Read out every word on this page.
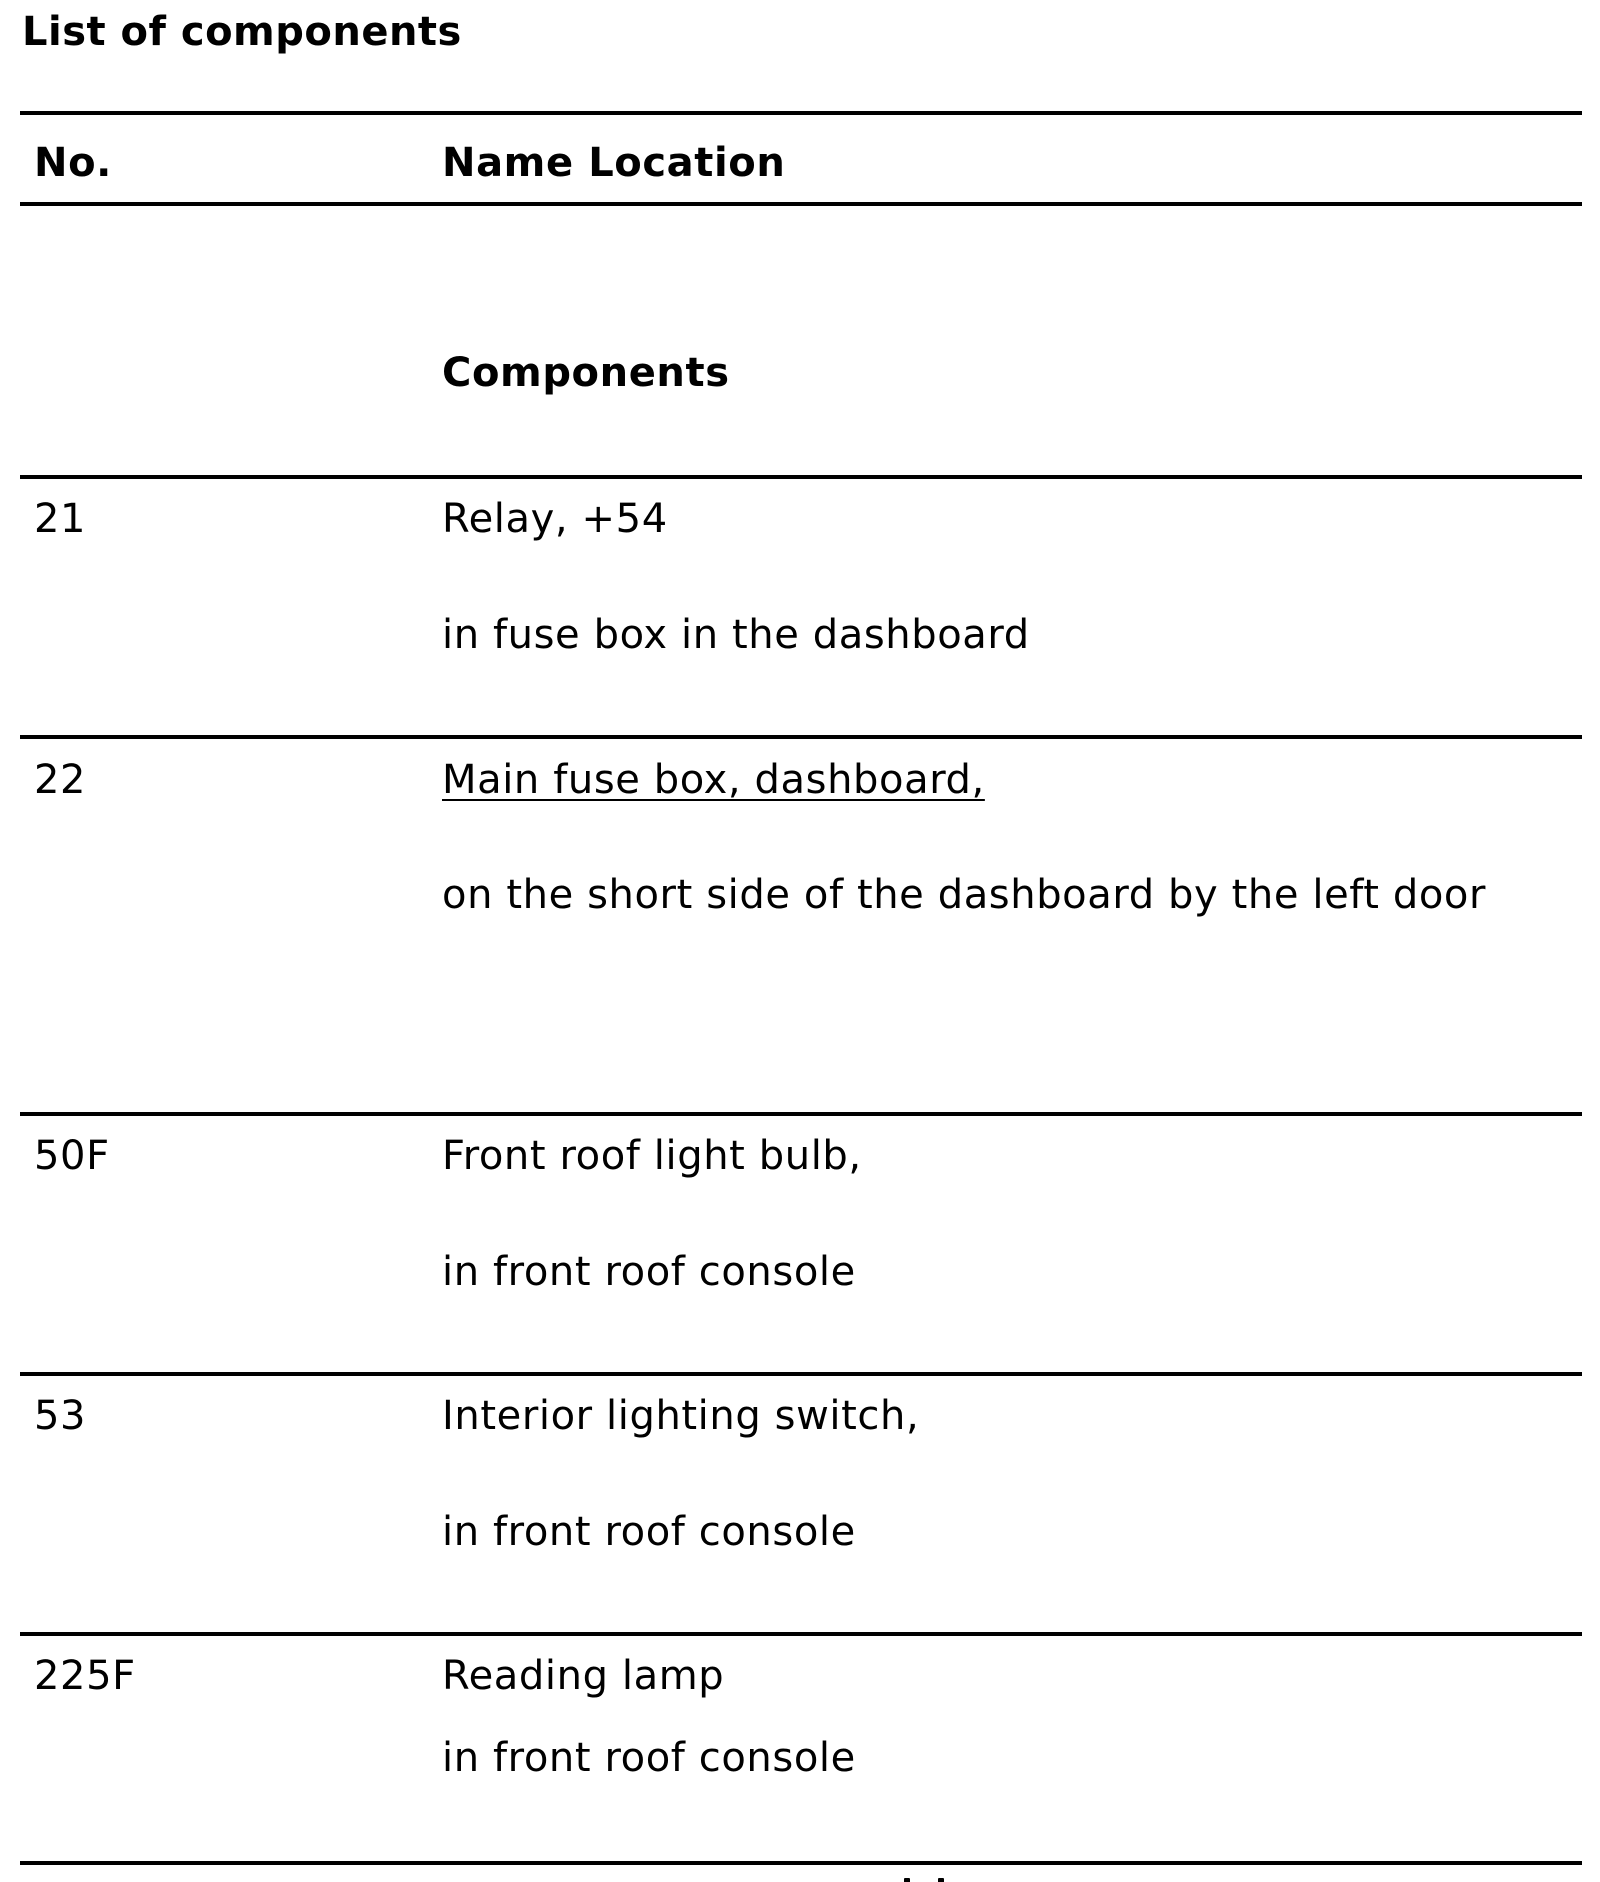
List of components
No.	Name Location
Components
21	Relay, +54
in fuse box in the dashboard
22	Main fuse box, dashboard,
on the short side of the dashboard by the left door
50F	Front roof light bulb,
in front roof console
53	Interior lighting switch,
in front roof console
225F	Reading lamp
in front roof console
